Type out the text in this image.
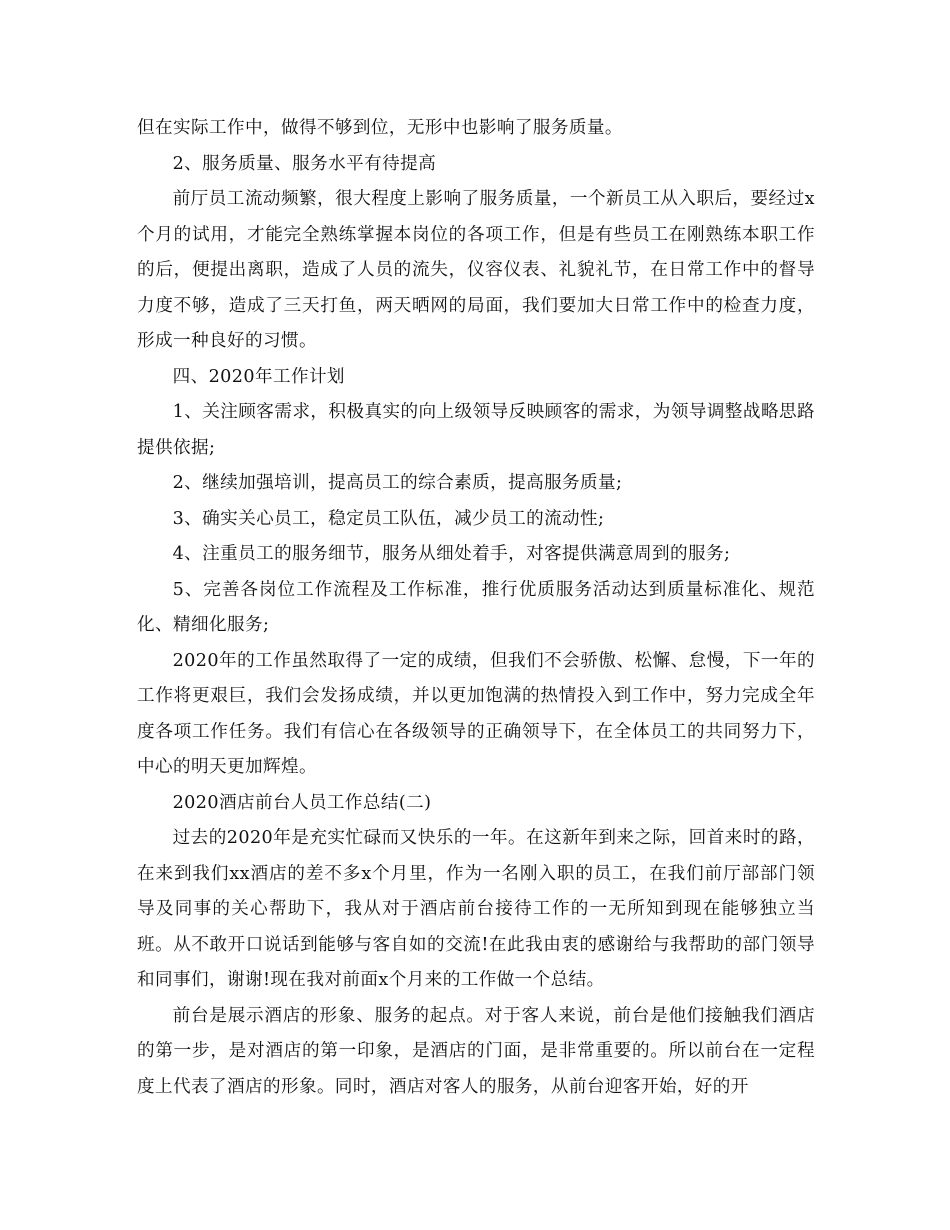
但在实际工作中，做得不够到位，无形中也影响了服务质量。

2、服务质量、服务水平有待提高

前厅员工流动频繁，很大程度上影响了服务质量，一个新员工从入职后，要经过x个月的试用，才能完全熟练掌握本岗位的各项工作，但是有些员工在刚熟练本职工作的后，便提出离职，造成了人员的流失，仪容仪表、礼貌礼节，在日常工作中的督导力度不够，造成了三天打鱼，两天晒网的局面，我们要加大日常工作中的检查力度，形成一种良好的习惯。

四、2020年工作计划

1、关注顾客需求，积极真实的向上级领导反映顾客的需求，为领导调整战略思路提供依据;

2、继续加强培训，提高员工的综合素质，提高服务质量;

3、确实关心员工，稳定员工队伍，减少员工的流动性;

4、注重员工的服务细节，服务从细处着手，对客提供满意周到的服务;

5、完善各岗位工作流程及工作标准，推行优质服务活动达到质量标准化、规范化、精细化服务;

2020年的工作虽然取得了一定的成绩，但我们不会骄傲、松懈、怠慢，下一年的工作将更艰巨，我们会发扬成绩，并以更加饱满的热情投入到工作中，努力完成全年度各项工作任务。我们有信心在各级领导的正确领导下，在全体员工的共同努力下，中心的明天更加辉煌。

2020酒店前台人员工作总结(二)

过去的2020年是充实忙碌而又快乐的一年。在这新年到来之际，回首来时的路，在来到我们xx酒店的差不多x个月里，作为一名刚入职的员工，在我们前厅部部门领导及同事的关心帮助下，我从对于酒店前台接待工作的一无所知到现在能够独立当班。从不敢开口说话到能够与客自如的交流!在此我由衷的感谢给与我帮助的部门领导和同事们，谢谢!现在我对前面x个月来的工作做一个总结。

前台是展示酒店的形象、服务的起点。对于客人来说，前台是他们接触我们酒店的第一步，是对酒店的第一印象，是酒店的门面，是非常重要的。所以前台在一定程度上代表了酒店的形象。同时，酒店对客人的服务，从前台迎客开始，好的开
